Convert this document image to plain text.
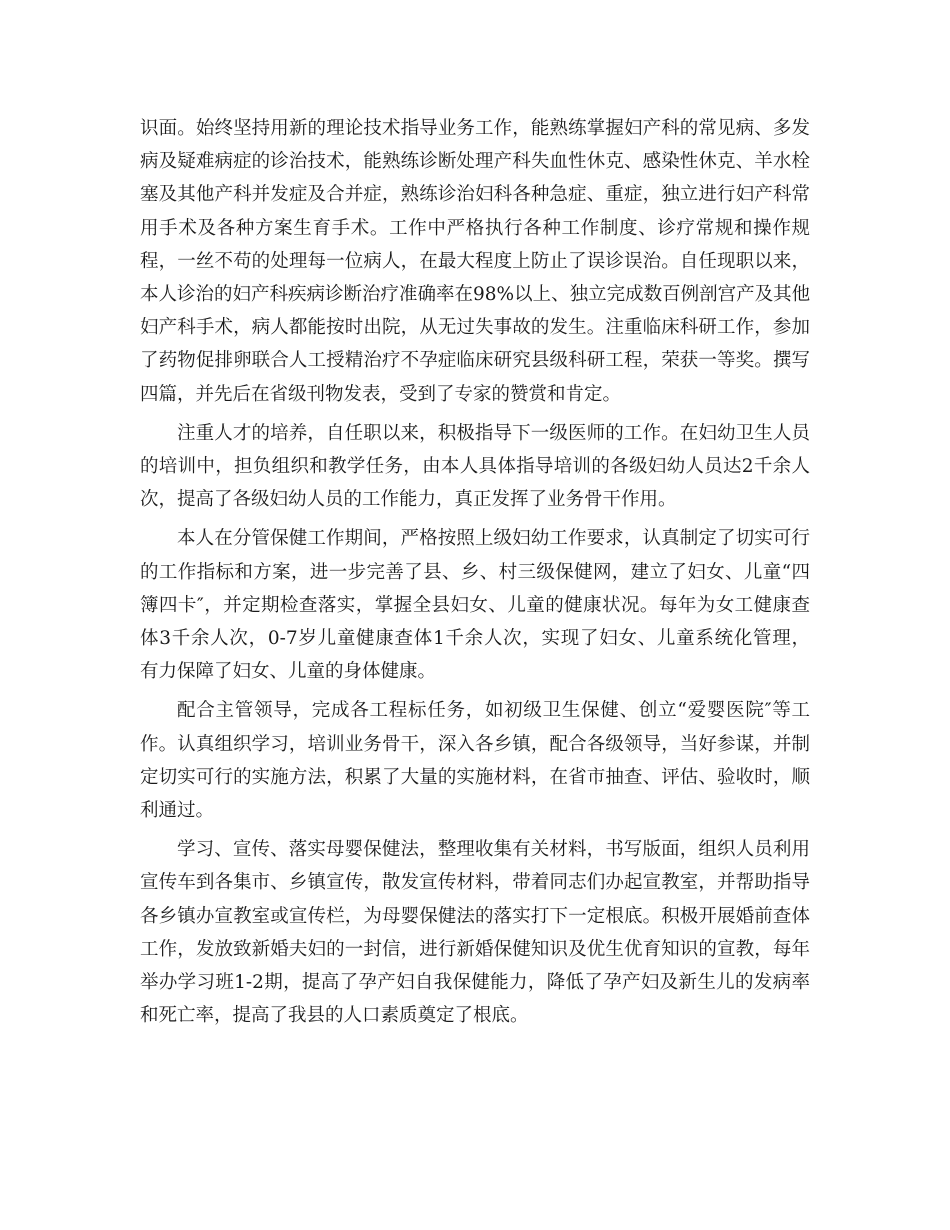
识面。始终坚持用新的理论技术指导业务工作，能熟练掌握妇产科的常见病、多发
病及疑难病症的诊治技术，能熟练诊断处理产科失血性休克、感染性休克、羊水栓
塞及其他产科并发症及合并症，熟练诊治妇科各种急症、重症，独立进行妇产科常
用手术及各种方案生育手术。工作中严格执行各种工作制度、诊疗常规和操作规
程，一丝不苟的处理每一位病人，在最大程度上防止了误诊误治。自任现职以来，
本人诊治的妇产科疾病诊断治疗准确率在98%以上、独立完成数百例剖宫产及其他
妇产科手术，病人都能按时出院，从无过失事故的发生。注重临床科研工作，参加
了药物促排卵联合人工授精治疗不孕症临床研究县级科研工程，荣获一等奖。撰写
四篇，并先后在省级刊物发表，受到了专家的赞赏和肯定。
注重人才的培养，自任职以来，积极指导下一级医师的工作。在妇幼卫生人员
的培训中，担负组织和教学任务，由本人具体指导培训的各级妇幼人员达2千余人
次，提高了各级妇幼人员的工作能力，真正发挥了业务骨干作用。
本人在分管保健工作期间，严格按照上级妇幼工作要求，认真制定了切实可行
的工作指标和方案，进一步完善了县、乡、村三级保健网，建立了妇女、儿童“四
簿四卡″，并定期检查落实，掌握全县妇女、儿童的健康状况。每年为女工健康查
体3千余人次，0-7岁儿童健康查体1千余人次，实现了妇女、儿童系统化管理，
有力保障了妇女、儿童的身体健康。
配合主管领导，完成各工程标任务，如初级卫生保健、创立“爱婴医院″等工
作。认真组织学习，培训业务骨干，深入各乡镇，配合各级领导，当好参谋，并制
定切实可行的实施方法，积累了大量的实施材料，在省市抽查、评估、验收时，顺
利通过。
学习、宣传、落实母婴保健法，整理收集有关材料，书写版面，组织人员利用
宣传车到各集市、乡镇宣传，散发宣传材料，带着同志们办起宣教室，并帮助指导
各乡镇办宣教室或宣传栏，为母婴保健法的落实打下一定根底。积极开展婚前查体
工作，发放致新婚夫妇的一封信，进行新婚保健知识及优生优育知识的宣教，每年
举办学习班1-2期，提高了孕产妇自我保健能力，降低了孕产妇及新生儿的发病率
和死亡率，提高了我县的人口素质奠定了根底。
